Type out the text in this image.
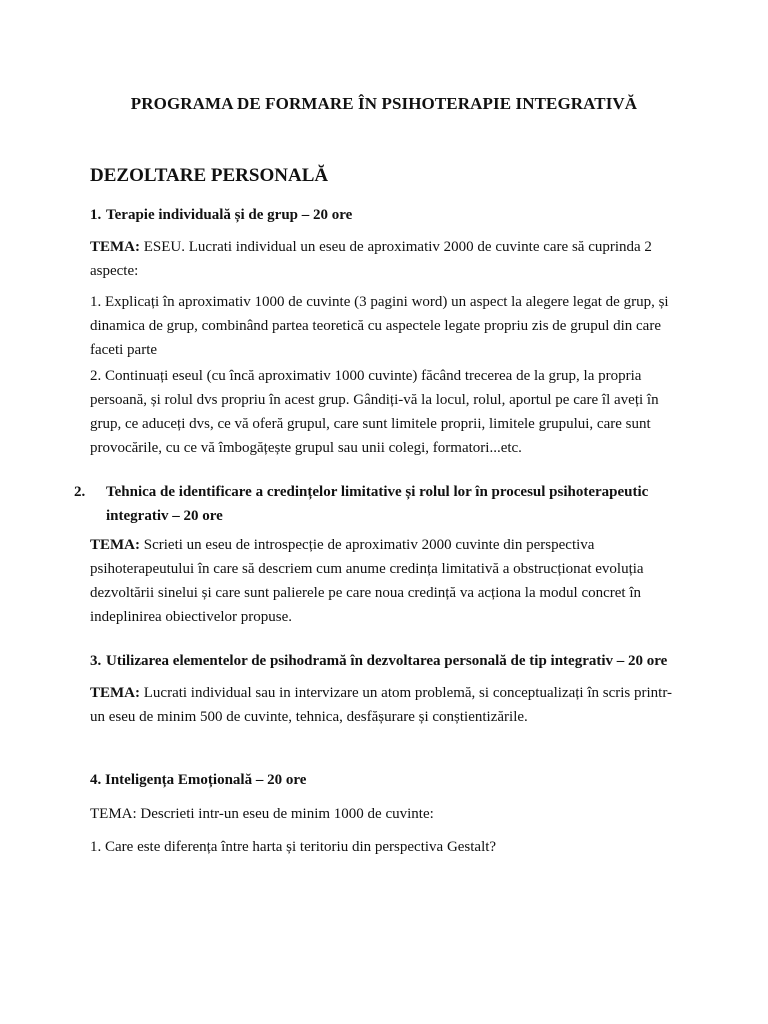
PROGRAMA DE FORMARE ÎN PSIHOTERAPIE INTEGRATIVĂ
DEZOLTARE PERSONALĂ

1. Terapie individuală și de grup – 20 ore

TEMA: ESEU. Lucrati individual un eseu de aproximativ 2000 de cuvinte care să cuprinda 2 aspecte:

1. Explicați în aproximativ 1000 de cuvinte (3 pagini word) un aspect la alegere legat de grup, și dinamica de grup, combinând partea teoretică cu aspectele legate propriu zis de grupul din care faceti parte

2. Continuați eseul (cu încă aproximativ 1000 cuvinte) făcând trecerea de la grup, la propria persoană, și rolul dvs propriu în acest grup. Gândiți-vă la locul, rolul, aportul pe care îl aveți în grup, ce aduceți dvs, ce vă oferă grupul, care sunt limitele proprii, limitele grupului, care sunt provocările, cu ce vă îmbogățește grupul sau unii colegi, formatori...etc.

2. Tehnica de identificare a credințelor limitative și rolul lor în procesul psihoterapeutic integrativ – 20 ore

TEMA: Scrieti un eseu de introspecție de aproximativ 2000 cuvinte din perspectiva psihoterapeutului în care să descriem cum anume credința limitativă a obstrucționat evoluția dezvoltării sinelui și care sunt palierele pe care noua credință va acționa la modul concret în indeplinirea obiectivelor propuse.

3. Utilizarea elementelor de psihodramă în dezvoltarea personală de tip integrativ – 20 ore

TEMA: Lucrati individual sau in intervizare un atom problemă, si conceptualizați în scris printr-un eseu de minim 500 de cuvinte, tehnica, desfășurare și conștientizările.

4. Inteligența Emoțională – 20 ore

TEMA: Descrieti intr-un eseu de minim 1000 de cuvinte:

1. Care este diferența între harta și teritoriu din perspectiva Gestalt?
